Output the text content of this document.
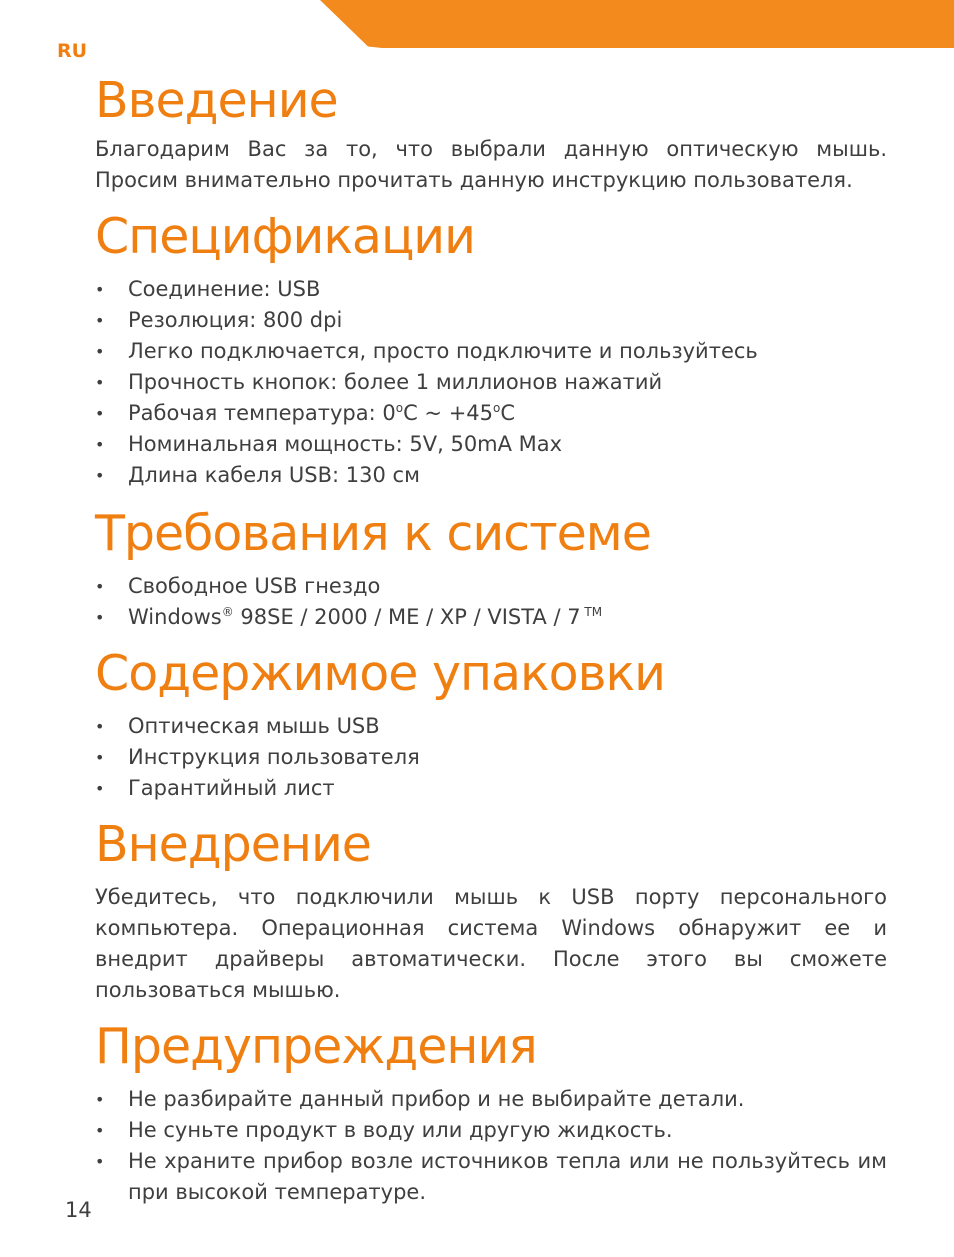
RU
Введение

Благодарим Вас за то, что выбрали данную оптическую мышь. Просим внимательно прочитать данную инструкцию пользователя.

Спецификации
• Соединение: USB
• Резолюция: 800 dpi
• Легко подключается, просто подключите и пользуйтесь
• Прочность кнопок: более 1 миллионов нажатий
• Рабочая температура: 0$^o$C ~ $+45^oC$
• Номинальная мощность: 5V, 50mA Max
• Длина кабеля USB: 130 см
Требования к системе
• Свободное USB гнездо
• Windows® 98SE / 2000 / ME / XP / VISTA / 7 ™
Содержимое упаковки
• Оптическая мышь USB
• Инструкция пользователя
• Гарантийный лист
Внедрение

Убедитесь, что подключили мышь к USB порту персонального компьютера. Операционная система Windows обнаружит ее и внедрит драйверы автоматически. После этого вы сможете пользоваться мышью.

Предупреждения
• Не разбирайте данный прибор и не выбирайте детали.
• Не суньте продукт в воду или другую жидкость.
• Не храните прибор возле источников тепла или не пользуйтесь им при высокой температуре.
14
